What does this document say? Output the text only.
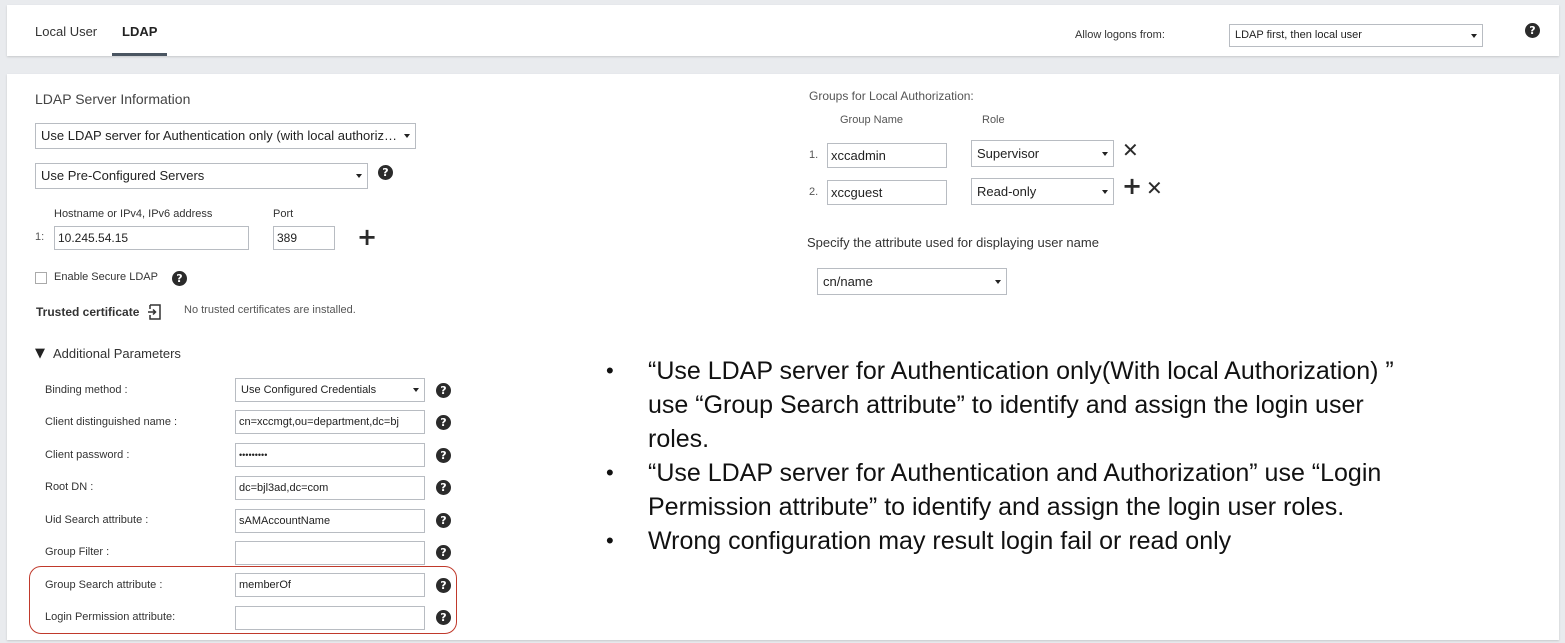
Local User LDAP	Allow logons from:	LDAP first, then local user	?
LDAP Server Information
Use LDAP server for Authentication only (with local authoriz…
Use Pre-Configured Servers	?
Hostname or IPv4, IPv6 address	Port
1:	10.245.54.15	389	+
Enable Secure LDAP	?
Trusted certificate	No trusted certificates are installed.
▼ Additional Parameters
Binding method :	Use Configured Credentials	?
Client distinguished name :	cn=xccmgt,ou=department,dc=bj	?
Client password :	•••••••••	?
Root DN :	dc=bjl3ad,dc=com	?
Uid Search attribute :	sAMAccountName	?
Group Filter :	?
Group Search attribute :	memberOf	?
Login Permission attribute:	?
Groups for Local Authorization:
Group Name	Role
1. xccadmin	Supervisor	✕
2. xccguest	Read-only	+ ✕
Specify the attribute used for displaying user name
cn/name
• “Use LDAP server for Authentication only(With local Authorization) ” use “Group Search attribute” to identify and assign the login user roles.
• “Use LDAP server for Authentication and Authorization” use “Login Permission attribute” to identify and assign the login user roles.
• Wrong configuration may result login fail or read only
